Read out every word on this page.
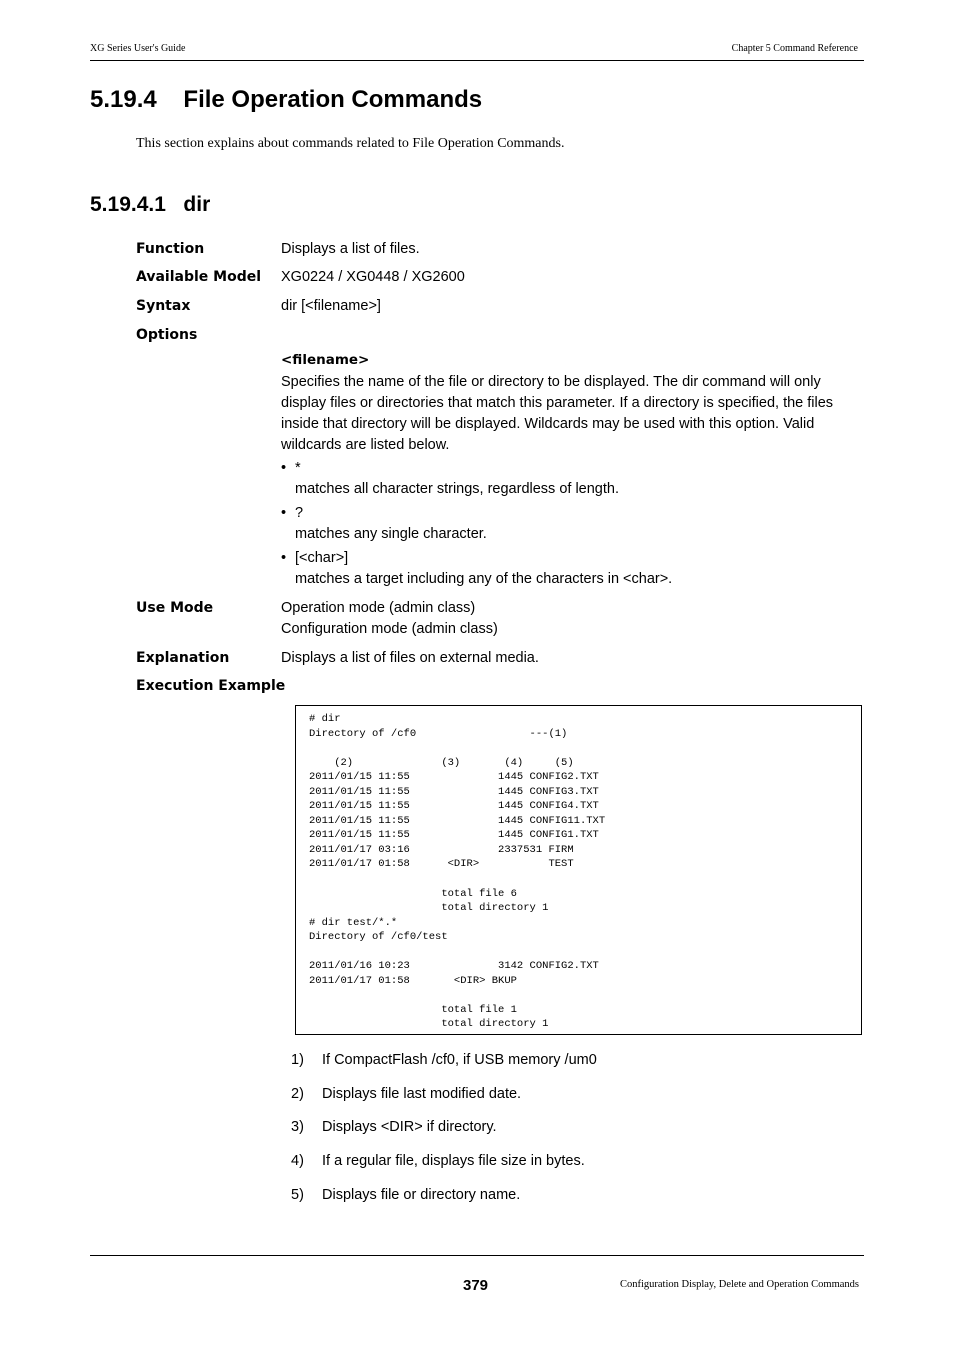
XG Series User's Guide	Chapter 5 Command Reference
5.19.4 File Operation Commands
This section explains about commands related to File Operation Commands.
5.19.4.1 dir
Function	Displays a list of files.
Available Model XG0224 / XG0448 / XG2600
Syntax	dir [<filename>]
Options
<filename>
Specifies the name of the file or directory to be displayed. The dir command will only display files or directories that match this parameter. If a directory is specified, the files inside that directory will be displayed. Wildcards may be used with this option. Valid wildcards are listed below.
• *
matches all character strings, regardless of length.
• ?
matches any single character.
• [<char>]
matches a target including any of the characters in <char>.
Use Mode	Operation mode (admin class)
Configuration mode (admin class)
Explanation	Displays a list of files on external media.
Execution Example
# dir
Directory of /cf0                  ---(1)

(2)              (3)       (4)     (5)
2011/01/15 11:55              1445 CONFIG2.TXT
2011/01/15 11:55              1445 CONFIG3.TXT
2011/01/15 11:55              1445 CONFIG4.TXT
2011/01/15 11:55              1445 CONFIG11.TXT
2011/01/15 11:55              1445 CONFIG1.TXT
2011/01/17 03:16              2337531 FIRM
2011/01/17 01:58      <DIR>           TEST

total file 6
total directory 1
# dir test/*.*
Directory of /cf0/test

2011/01/16 10:23              3142 CONFIG2.TXT
2011/01/17 01:58       <DIR> BKUP

total file 1
total directory 1
1) If CompactFlash /cf0, if USB memory /um0
2) Displays file last modified date.
3) Displays <DIR> if directory.
4) If a regular file, displays file size in bytes.
5) Displays file or directory name.
379	Configuration Display, Delete and Operation Commands
